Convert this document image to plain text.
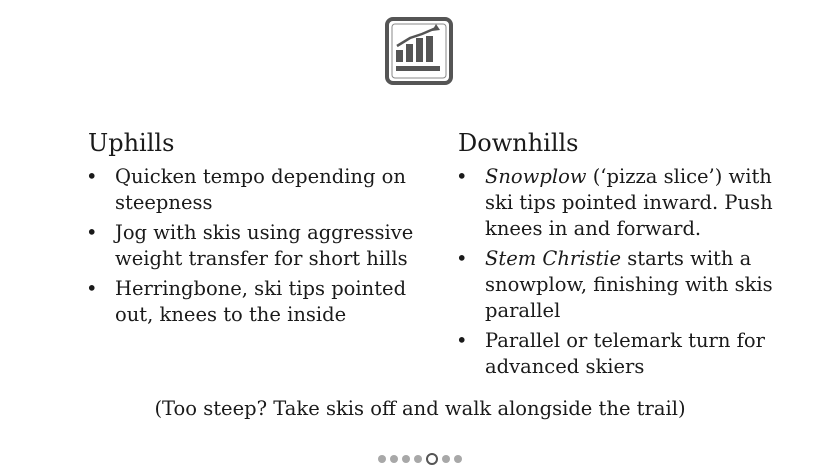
Uphills
• Quicken tempo depending on steepness
• Jog with skis using aggressive weight transfer for short hills
• Herringbone, ski tips pointed out, knees to the inside
Downhills
• Snowplow (‘pizza slice’) with ski tips pointed inward. Push knees in and forward.
• Stem Christie starts with a snowplow, finishing with skis parallel
• Parallel or telemark turn for advanced skiers
(Too steep? Take skis off and walk alongside the trail)
